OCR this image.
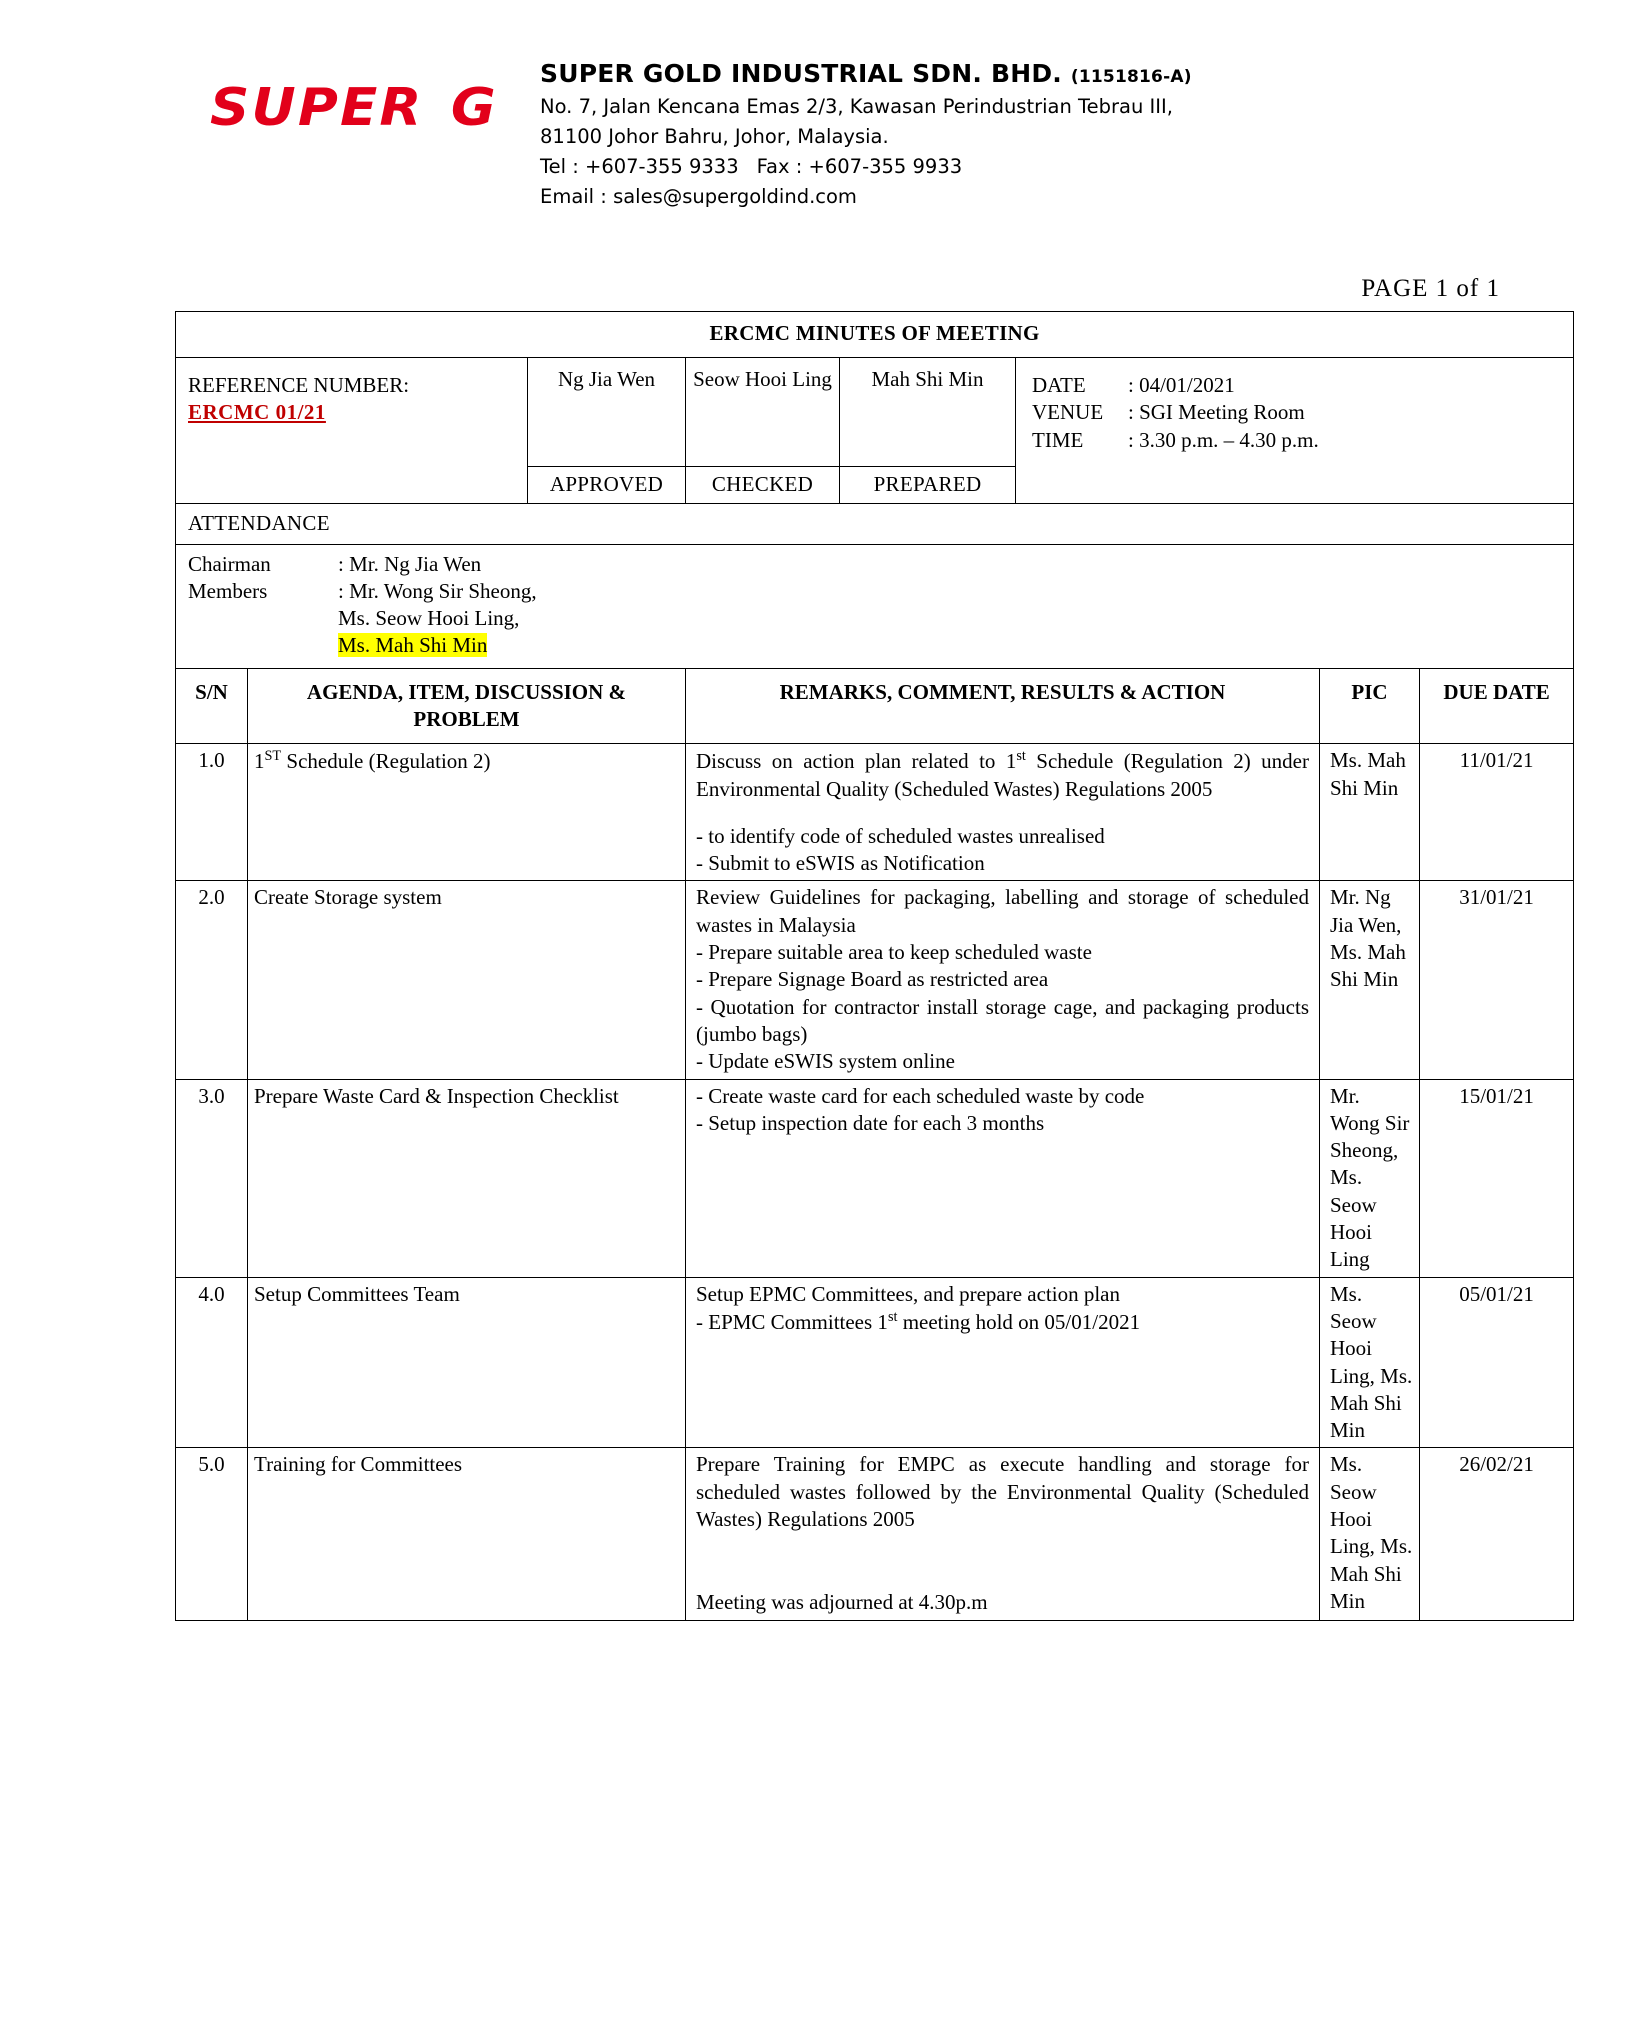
SUPER G
SUPER GOLD INDUSTRIAL SDN. BHD. (1151816-A)
No. 7, Jalan Kencana Emas 2/3, Kawasan Perindustrian Tebrau III,
81100 Johor Bahru, Johor, Malaysia.
Tel : +607-355 9333 Fax : +607-355 9933
Email : sales@supergoldind.com
PAGE 1 of 1
ERCMC MINUTES OF MEETING							

REFERENCE NUMBER:
ERCMC 01/21
	Ng Jia Wen	Seow Hooi Ling	Mah Shi Min	DATE : 04/01/2021
VENUE : SGI Meeting Room
TIME : 3.30 p.m. – 4.30 p.m.

		APPROVED	CHECKED	PREPARED			
ATTENDANCE							

Chairman : Mr. Ng Jia Wen
Members : Mr. Wong Sir Sheong,
Ms. Seow Hooi Ling,
Ms. Mah Shi Min							

S/N	AGENDA, ITEM, DISCUSSION & PROBLEM		REMARKS, COMMENT, RESULTS & ACTION			PIC	DUE DATE
1.0	1ST Schedule (Regulation 2)		Discuss on action plan related to 1st Schedule (Regulation 2) under Environmental Quality (Scheduled Wastes) Regulations 2005
- to identify code of scheduled wastes unrealised
- Submit to eSWIS as Notification			Ms. Mah Shi Min	11/01/21
2.0	Create Storage system		Review Guidelines for packaging, labelling and storage of scheduled wastes in Malaysia
- Prepare suitable area to keep scheduled waste
- Prepare Signage Board as restricted area
- Quotation for contractor install storage cage, and packaging products (jumbo bags)
- Update eSWIS system online			Mr. Ng Jia Wen, Ms. Mah Shi Min	31/01/21
3.0	Prepare Waste Card & Inspection Checklist		- Create waste card for each scheduled waste by code
- Setup inspection date for each 3 months			Mr. Wong Sir Sheong, Ms. Seow Hooi Ling	15/01/21
4.0	Setup Committees Team		Setup EPMC Committees, and prepare action plan
- EPMC Committees 1st meeting hold on 05/01/2021			Ms. Seow Hooi Ling, Ms. Mah Shi Min	05/01/21
5.0	Training for Committees		Prepare Training for EMPC as execute handling and storage for scheduled wastes followed by the Environmental Quality (Scheduled Wastes) Regulations 2005
Meeting was adjourned at 4.30p.m			Ms. Seow Hooi Ling, Ms. Mah Shi Min	26/02/21
